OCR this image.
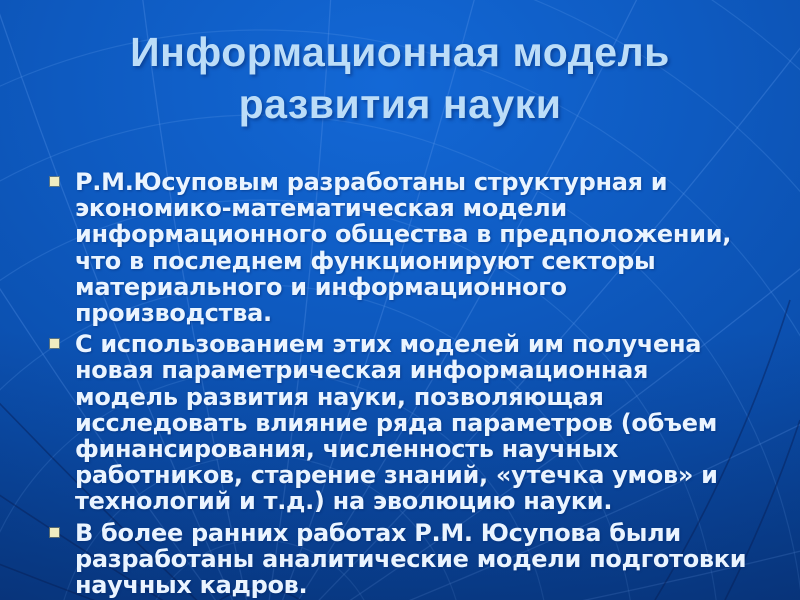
Информационная модель
развития науки
Р.М.Юсуповым разработаны структурная и
экономико-математическая модели
информационного общества в предположении,
что в последнем функционируют секторы
материального и информационного
производства.
С использованием этих моделей им получена
новая параметрическая информационная
модель развития науки, позволяющая
исследовать влияние ряда параметров (объем
финансирования, численность научных
работников, старение знаний, «утечка умов» и
технологий и т.д.) на эволюцию науки.
В более ранних работах Р.М. Юсупова были
разработаны аналитические модели подготовки
научных кадров.
